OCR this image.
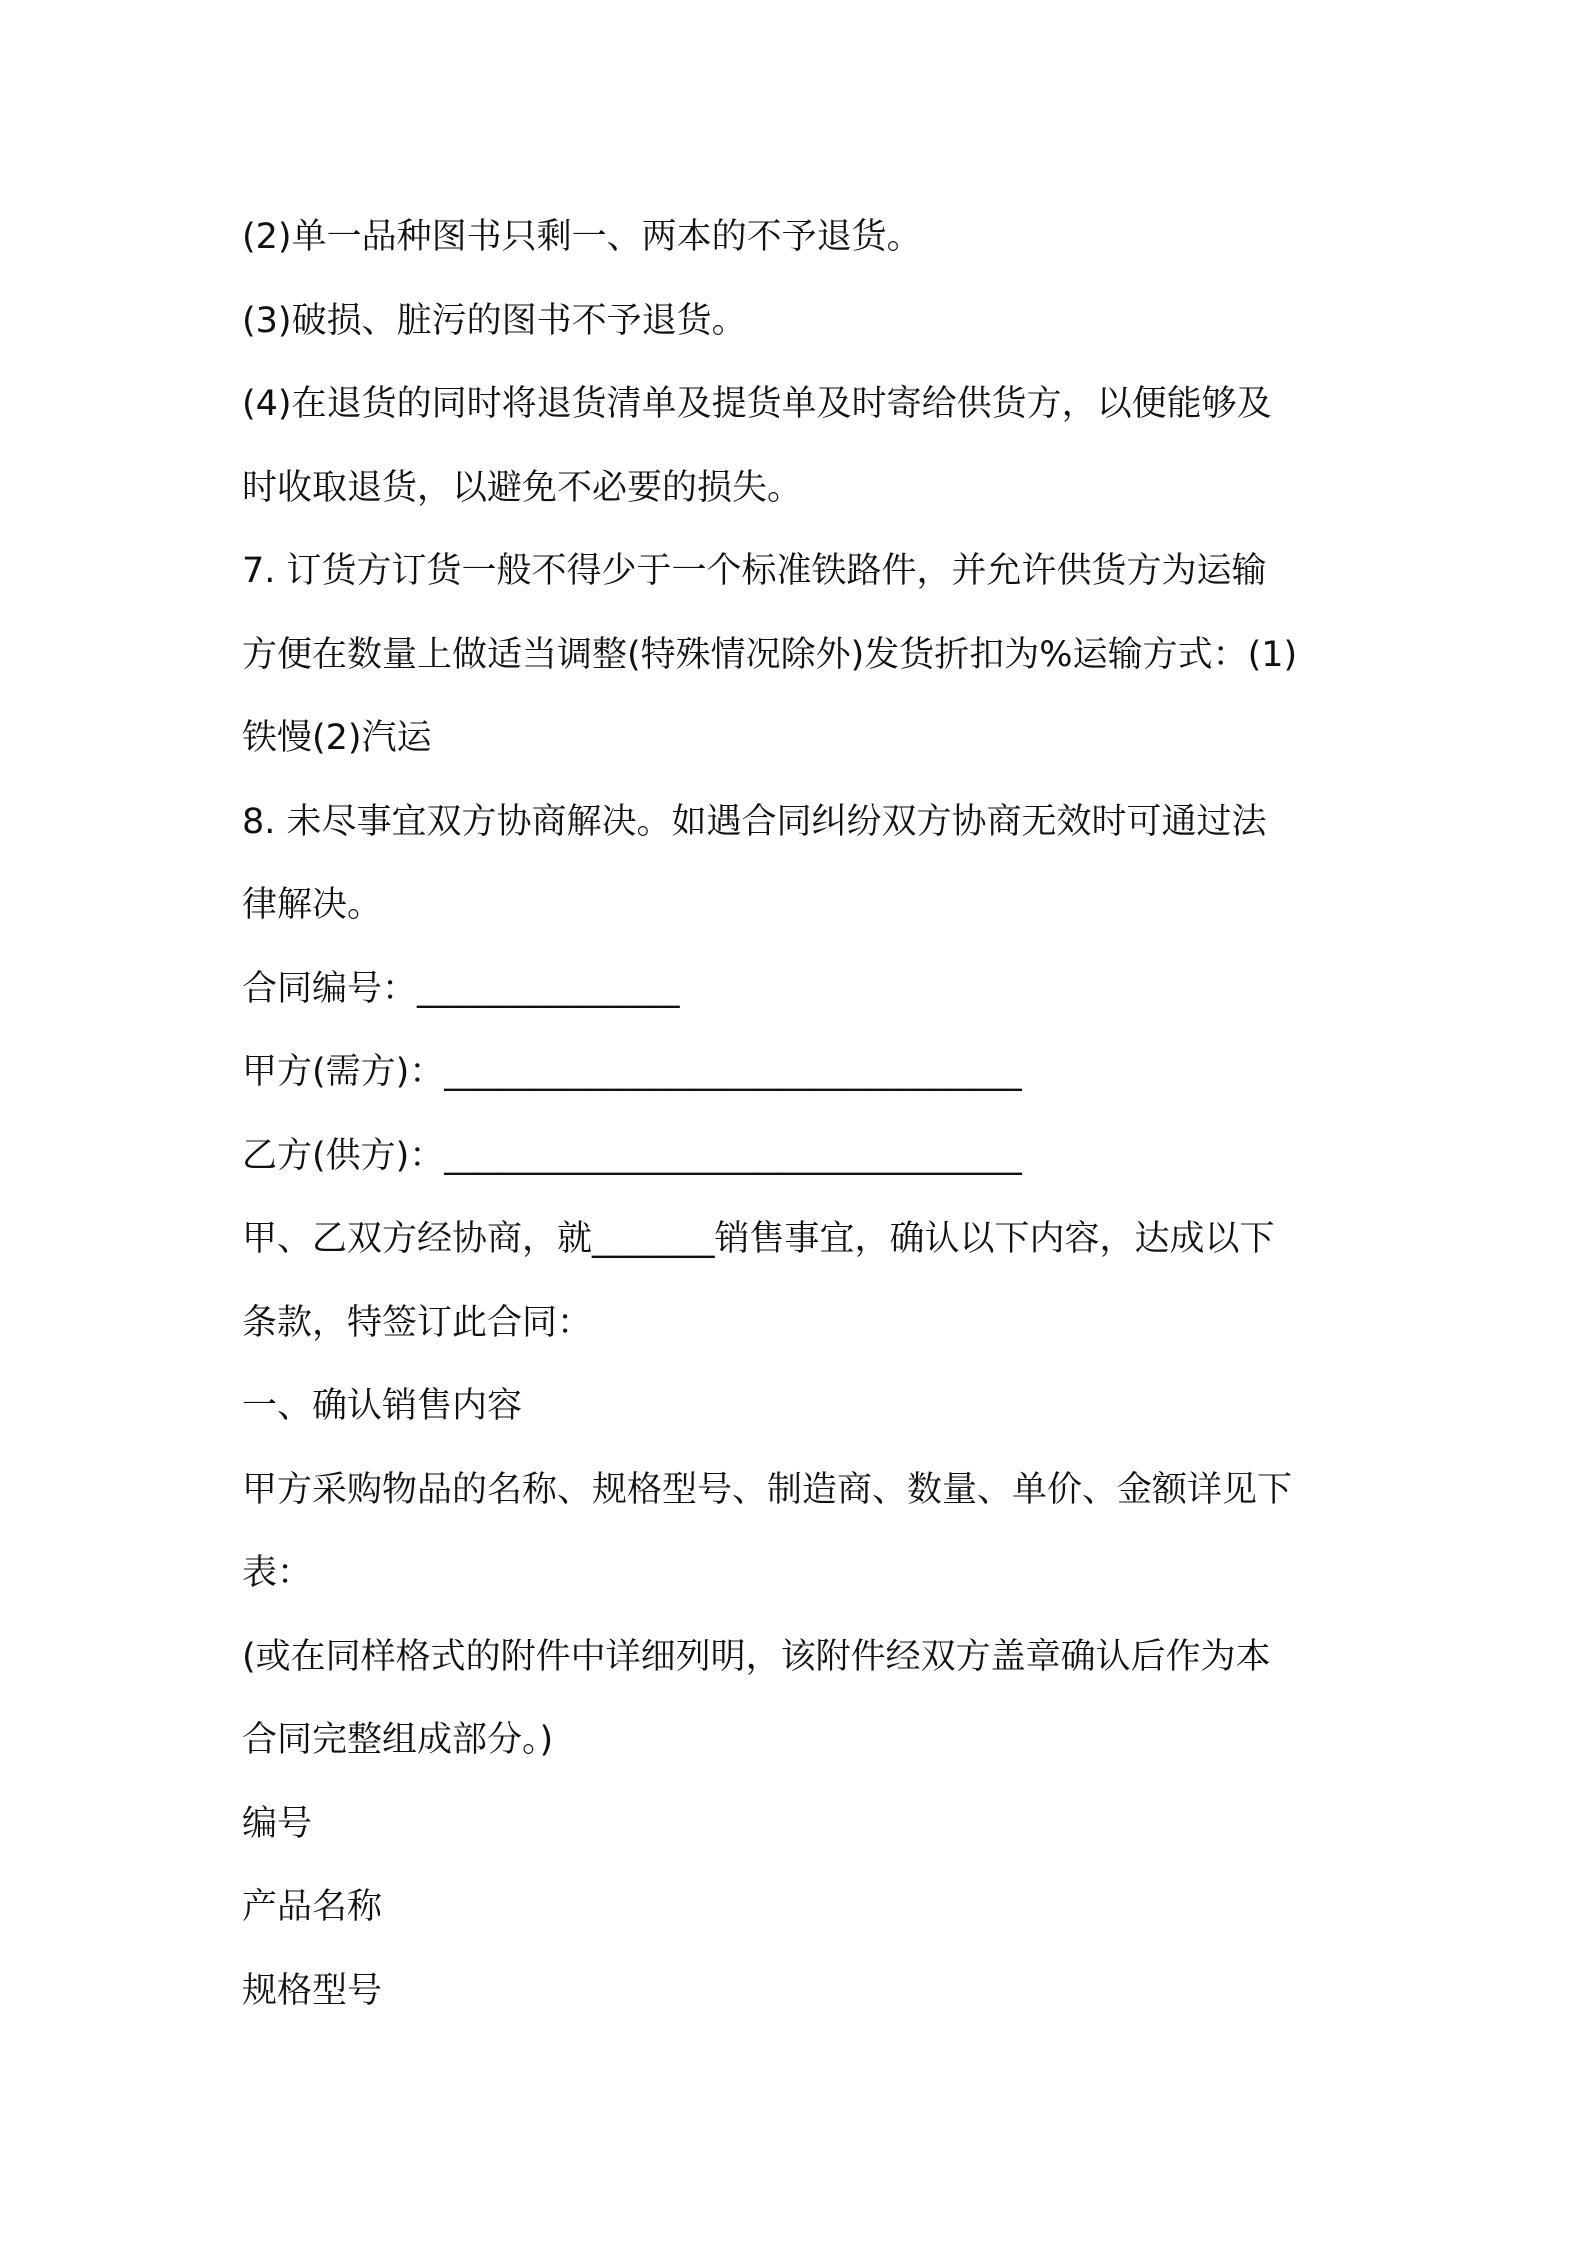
(2)单一品种图书只剩一、两本的不予退货。
(3)破损、脏污的图书不予退货。
(4)在退货的同时将退货清单及提货单及时寄给供货方，以便能够及
时收取退货，以避免不必要的损失。
7. 订货方订货一般不得少于一个标准铁路件，并允许供货方为运输
方便在数量上做适当调整(特殊情况除外)发货折扣为%运输方式：(1)
铁慢(2)汽运
8. 未尽事宜双方协商解决。如遇合同纠纷双方协商无效时可通过法
律解决。
合同编号：_______________
甲方(需方)：_________________________________
乙方(供方)：_________________________________
甲、乙双方经协商，就_______销售事宜，确认以下内容，达成以下
条款，特签订此合同：
一、确认销售内容
甲方采购物品的名称、规格型号、制造商、数量、单价、金额详见下
表：
(或在同样格式的附件中详细列明，该附件经双方盖章确认后作为本
合同完整组成部分。)
编号
产品名称
规格型号
